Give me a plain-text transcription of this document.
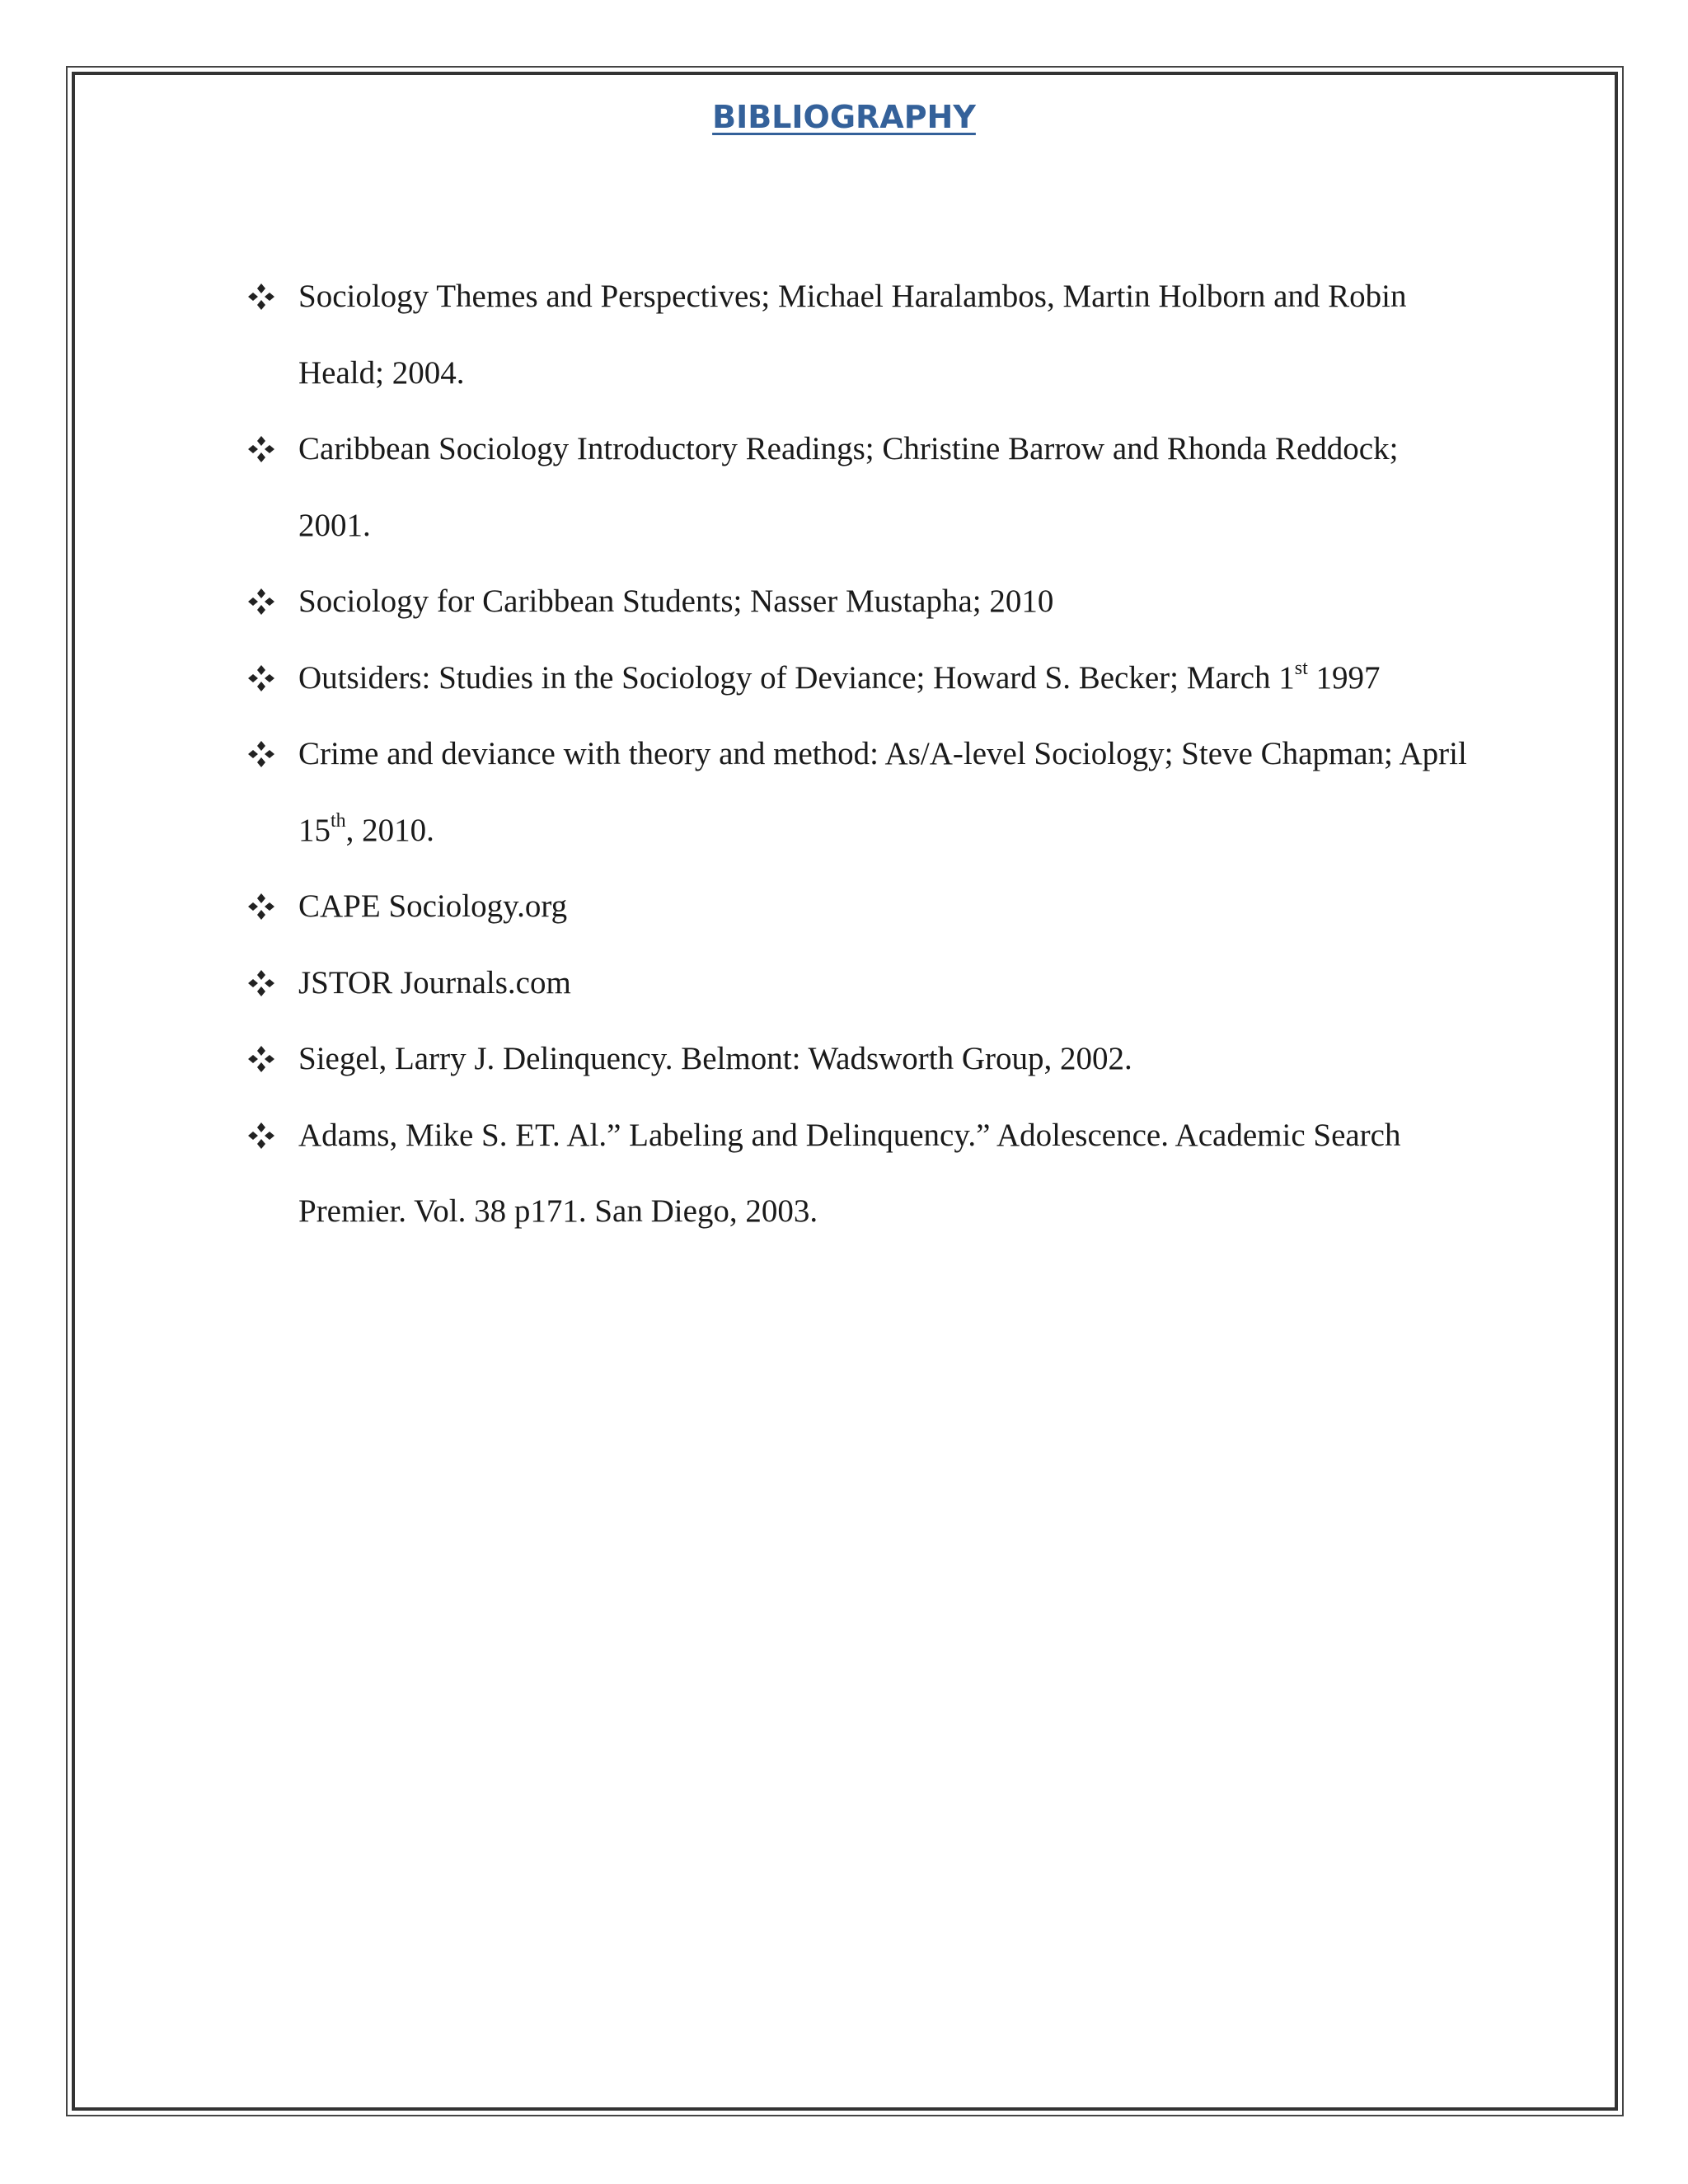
BIBLIOGRAPHY
Sociology Themes and Perspectives; Michael Haralambos, Martin Holborn and Robin Heald; 2004.
Caribbean Sociology Introductory Readings; Christine Barrow and Rhonda Reddock; 2001.
Sociology for Caribbean Students; Nasser Mustapha; 2010
Outsiders: Studies in the Sociology of Deviance; Howard S. Becker; March 1st 1997
Crime and deviance with theory and method: As/A-level Sociology; Steve Chapman; April 15th, 2010.
CAPE Sociology.org
JSTOR Journals.com
Siegel, Larry J. Delinquency. Belmont: Wadsworth Group, 2002.
Adams, Mike S. ET. Al.” Labeling and Delinquency.” Adolescence. Academic Search Premier. Vol. 38 p171. San Diego, 2003.
